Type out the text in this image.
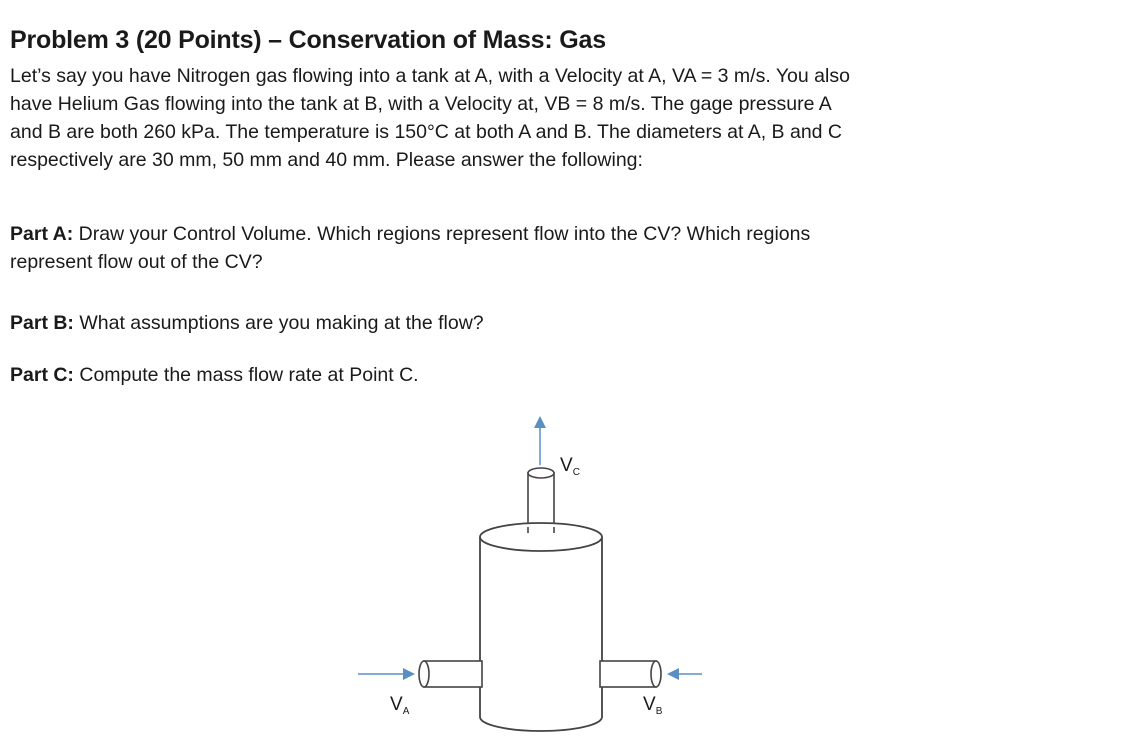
Problem 3 (20 Points) – Conservation of Mass: Gas
Let’s say you have Nitrogen gas flowing into a tank at A, with a Velocity at A, VA = 3 m/s. You also
have Helium Gas flowing into the tank at B, with a Velocity at, VB = 8 m/s. The gage pressure A
and B are both 260 kPa. The temperature is 150°C at both A and B. The diameters at A, B and C
respectively are 30 mm, 50 mm and 40 mm. Please answer the following:
Part A: Draw your Control Volume. Which regions represent flow into the CV? Which regions
represent flow out of the CV?
Part B: What assumptions are you making at the flow?
Part C: Compute the mass flow rate at Point C.
$V_C$
$V_A$	$V_B$
